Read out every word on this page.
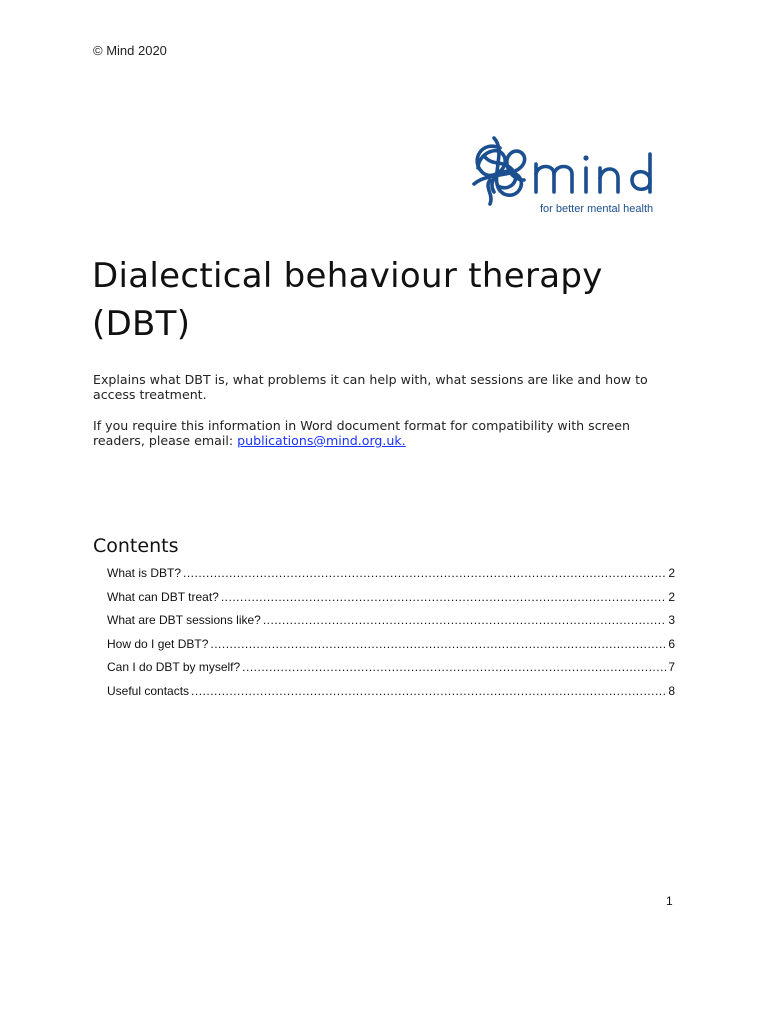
© Mind 2020
for better mental health
Dialectical behaviour therapy
(DBT)

Explains what DBT is, what problems it can help with, what sessions are like and how to access treatment.

If you require this information in Word document format for compatibility with screen readers, please email: publications@mind.org.uk.

Contents
What is DBT? .....	2
What can DBT treat? .....	2
What are DBT sessions like? .....	3
How do I get DBT? .....	6
Can I do DBT by myself? .....	7
Useful contacts .....	8
1
